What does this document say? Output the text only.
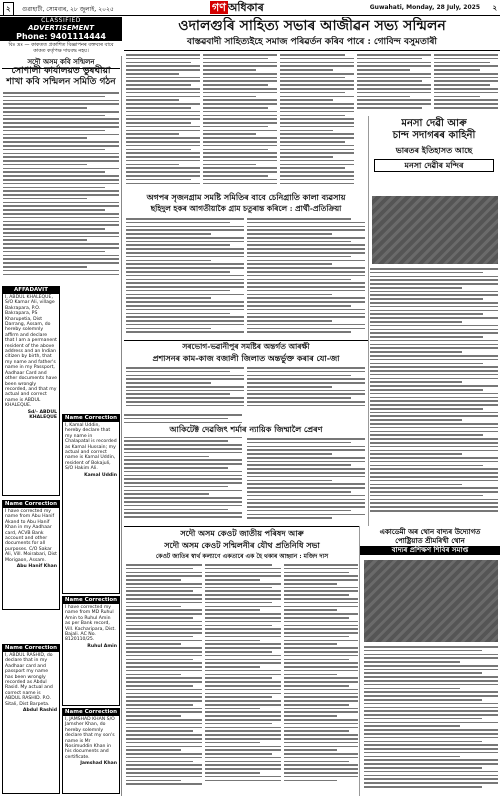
২	গুৱাহাটী, সোমবাৰ, ২৮ জুলাই, ২০২৫	গণ অধিকাৰ	Guwahati, Monday, 28 July, 2025 ২
CLASSIFIED
ADVERTISEMENT
Phone: 9401114444
বিঃ দ্ৰঃ — কাকতত প্ৰকাশিত বিজ্ঞাপনৰ বক্তব্যৰ বাবে কাকত কৰ্তৃপক্ষ দায়বদ্ধ নহয়।
সদৌ অসম কবি সন্মিলন
সোণালী কাৰ্যালয়ত ভুৰঘীয়া শাখা কবি সন্মিলন সমিতি গঠন
AFFADAVIT
I, ABDUL KHALEQUE, S/O Kamar Ali, village Bakrapara, P.O. Bakrapara, PS Kharupetia, Dist Darrang, Assam, do hereby solemnly affirm and declare that I am a permanent resident of the above address and an Indian citizen by birth, that my name and father's name in my Passport, Aadhaar Card and other documents have been wrongly recorded, and that my actual and correct name is ABDUL KHALEQUE.
Sd/- ABDUL KHALEQUE
Name Correction
I have corrected my name from Abu Hanif Akand to Abu Hanif Khan in my Aadhaar card, ACVB Bank account and other documents for all purposes. C/O Sakar Ali, Vill. Moirabari, Dist Morigaon, Assam.
Abu Hanif Khan
Name Correction
I, ABDUL RASHID, do declare that in my Aadhaar card and passport my name has been wrongly recorded as Abdul Rasid. My actual and correct name is ABDUL RASHID. P.O. Sitali, Dist Barpeta.
Abdul Rashid
Name Correction
I, Kamal Uddin, hereby declare that my name in Chalapatal is recorded as Kamal Hussain; my actual and correct name is Kamal Uddin, resident of Bokajuli, S/O Hakim Ali.
Kamal Uddin
Name Correction
I have corrected my name from MD Ruhul Amin to Ruhul Amin as per Bank record, Vill. Kacharipara, Dist. Bajali. AC No. 8120110/25.
Ruhul Amin
Name Correction
I, JAMSHAD KHAN S/O Jamsher Khan, do hereby solemnly declare that my son's name is Mr Nosimuddin Khan in his documents and certificate.
Jamshad Khan
ওদালগুৰি সাহিত্য সভাৰ আজীৱন সভ্য সন্মিলন
বাস্তৱবাদী সাহিত্যইহে সমাজ পৰিৱৰ্তন কৰিব পাৰে : গোবিন্দ বসুমতাৰী
মনসা দেৱী আৰু
চান্দ সদাগৰৰ কাহিনী
ভাৰতৰ ইতিহাসত আছে
মনসা দেৱীৰ মন্দিৰ
অগপৰ সৃজনগ্ৰাম সমষ্টি সমিতিৰ বাবে চেনিগ্ৰাতি কালা ব্যৱসায়
ছহিদুল হকৰ আগতীয়াকৈ গ্ৰাম চতুৰান্ত কৰিলে : প্ৰাৰ্থী-প্ৰতিক্ৰিয়া
সৰভোগ-ভৱানীপুৰ সমষ্টিৰ অন্তৰ্গত আৰক্ষী
প্ৰশাসনৰ কাম-কাজ বজালী জিলাত অন্তৰ্ভুক্ত কৰাৰ যো-জা
আকিটেক্ট দেৱজিৎ শৰ্মাৰ ন্যায়িক জিম্মালৈ প্ৰেৰণ
সদৌ অসম কেওট জাতীয় পৰিষদ আৰু
সদৌ অসম কেওট সন্মিলনীৰ যৌথ প্ৰতিনিধি সভা
কেওট জাতিৰ স্বাৰ্থ কল্যাণে একতাৰে এক হৈ থকাৰ আহ্বান : মজিদ দাস
একাডেমী অৰ থোন বাদ্যৰ উদ্যোগত
পোষ্ট্ৰিয়াত শ্ৰীমৰিখী থোন
বাদ্যৰ প্ৰশিক্ষণ শিবিৰ সমাপ্ত
